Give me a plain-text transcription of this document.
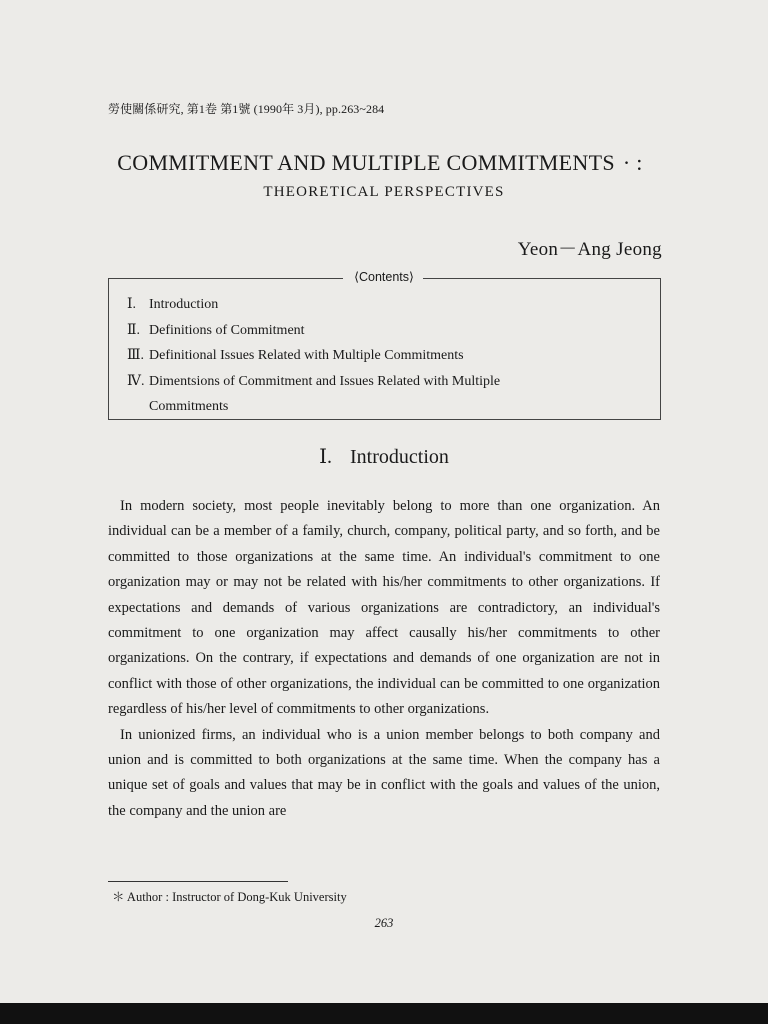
勞使關係研究, 第1卷 第1號 (1990年 3月), pp.263~284
COMMITMENT AND MULTIPLE COMMITMENTS · :
THEORETICAL PERSPECTIVES
Yeon－Ang Jeong
⟨Contents⟩
Ⅰ. Introduction
Ⅱ. Definitions of Commitment
Ⅲ. Definitional Issues Related with Multiple Commitments
Ⅳ. Dimentsions of Commitment and Issues Related with Multiple
Commitments
Ⅰ. Introduction

In modern society, most people inevitably belong to more than one organization. An individual can be a member of a family, church, company, political party, and so forth, and be committed to those organizations at the same time. An individual's commitment to one organization may or may not be related with his/her commitments to other organizations. If expectations and demands of various organizations are contradictory, an individual's commitment to one organization may affect causally his/her commitments to other organizations. On the contrary, if expectations and demands of one organization are not in conflict with those of other organizations, the individual can be committed to one organization regardless of his/her level of commitments to other organizations.

In unionized firms, an individual who is a union member belongs to both company and union and is committed to both organizations at the same time. When the company has a unique set of goals and values that may be in conflict with the goals and values of the union, the company and the union are

＊ Author : Instructor of Dong-Kuk University
263
